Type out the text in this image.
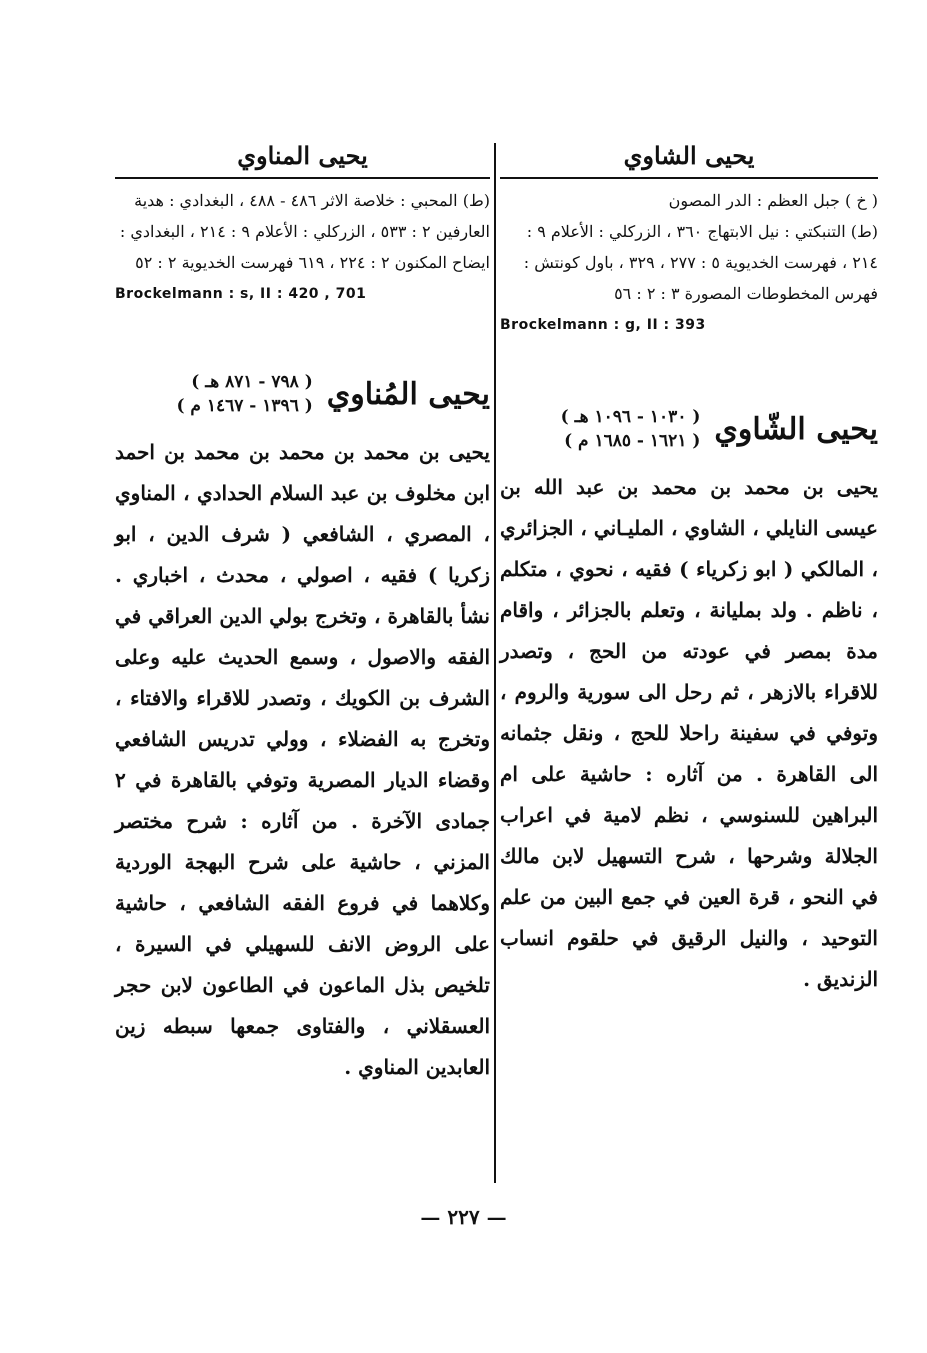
يحيى الشاوي

( خ ) جبل العظم : الدر المصون

(ط) التنبكتي : نيل الابتهاج ٣٦٠ ، الزركلي : الأعلام ٩ : ٢١٤ ، فهرست الخديوية ٥ : ٢٧٧ ، ٣٢٩ ، باول كونتش : فهرس المخطوطات المصورة ٣ : ٢ : ٥٦

Brockelmann : g, II : 393
يحيى الشّاوي
( ١٠٣٠ - ١٠٩٦ هـ )
( ١٦٢١ - ١٦٨٥ م )

يحيى بن محمد بن محمد بن عبد الله بن عيسى النايلي ، الشاوي ، المليـاني ، الجزائري ، المالكي ( ابو زكرياء ) فقيه ، نحوي ، متكلم ، ناظم . ولد بمليانة ، وتعلم بالجزائر ، واقام مدة بمصر في عودته من الحج ، وتصدر للاقراء بالازهر ، ثم رحل الى سورية والروم ، وتوفي في سفينة راحلا للحج ، ونقل جثمانه الى القاهرة . من آثاره : حاشية على ام البراهين للسنوسي ، نظم لامية في اعراب الجلالة وشرحها ، شرح التسهيل لابن مالك في النحو ، قرة العين في جمع البين من علم التوحيد ، والنيل الرقيق في حلقوم انساب الزنديق .

يحيى المناوي

(ط) المحبي : خلاصة الاثر ٤٨٦ - ٤٨٨ ، البغدادي : هدية العارفين ٢ : ٥٣٣ ، الزركلي : الأعلام ٩ : ٢١٤ ، البغدادي : ايضاح المكنون ٢ : ٢٢٤ ، ٦١٩ فهرست الخديوية ٢ : ٥٢

Brockelmann : s, II : 420 , 701
يحيى المُناوي
( ٧٩٨ - ٨٧١ هـ )
( ١٣٩٦ - ١٤٦٧ م )

يحيى بن محمد بن محمد بن محمد بن احمد ابن مخلوف بن عبد السلام الحدادي ، المناوي ، المصري ، الشافعي ( شرف الدين ، ابو زكريا ) فقيه ، اصولي ، محدث ، اخباري . نشأ بالقاهرة ، وتخرج بولي الدين العراقي في الفقه والاصول ، وسمع الحديث عليه وعلى الشرف بن الكويك ، وتصدر للاقراء والافتاء ، وتخرج به الفضلاء ، وولي تدريس الشافعي وقضاء الديار المصرية وتوفي بالقاهرة في ٢ جمادى الآخرة . من آثاره : شرح مختصر المزني ، حاشية على شرح البهجة الوردية وكلاهما في فروع الفقه الشافعي ، حاشية على الروض الانف للسهيلي في السيرة ، تلخيص بذل الماعون في الطاعون لابن حجر العسقلاني ، والفتاوى جمعها سبطه زين العابدين المناوي .

— ٢٢٧ —
